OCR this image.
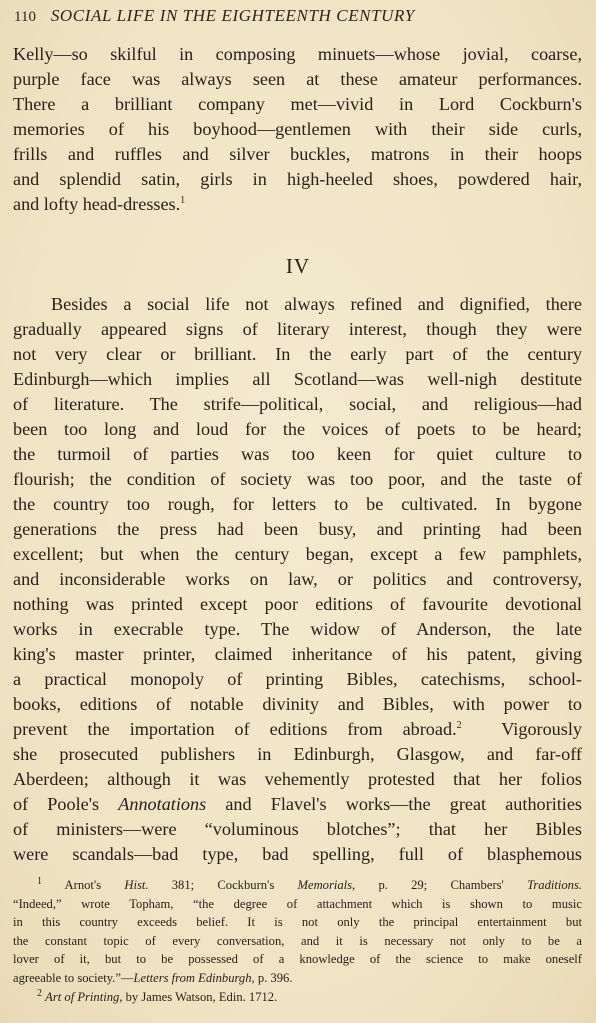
110 SOCIAL LIFE IN THE EIGHTEENTH CENTURY
Kelly—so skilful in composing minuets—whose jovial, coarse,
purple face was always seen at these amateur performances.
There a brilliant company met—vivid in Lord Cockburn's
memories of his boyhood—gentlemen with their side curls,
frills and ruffles and silver buckles, matrons in their hoops
and splendid satin, girls in high-heeled shoes, powdered hair,
and lofty head-dresses.$^1$
IV
Besides a social life not always refined and dignified, there
gradually appeared signs of literary interest, though they were
not very clear or brilliant. In the early part of the century
Edinburgh—which implies all Scotland—was well-nigh destitute
of literature. The strife—political, social, and religious—had
been too long and loud for the voices of poets to be heard;
the turmoil of parties was too keen for quiet culture to
flourish; the condition of society was too poor, and the taste of
the country too rough, for letters to be cultivated. In bygone
generations the press had been busy, and printing had been
excellent; but when the century began, except a few pamphlets,
and inconsiderable works on law, or politics and controversy,
nothing was printed except poor editions of favourite devotional
works in execrable type. The widow of Anderson, the late
king's master printer, claimed inheritance of his patent, giving
a practical monopoly of printing Bibles, catechisms, school-
books, editions of notable divinity and Bibles, with power to
prevent the importation of editions from abroad.$^2$  Vigorously
she prosecuted publishers in Edinburgh, Glasgow, and far-off
Aberdeen; although it was vehemently protested that her folios
of Poole's Annotations and Flavel's works—the great authorities
of ministers—were “voluminous blotches”; that her Bibles
were scandals—bad type, bad spelling, full of blasphemous
$^1$ Arnot's Hist. 381; Cockburn's Memorials, p. 29; Chambers' Traditions.
“Indeed,” wrote Topham, “the degree of attachment which is shown to music
in this country exceeds belief. It is not only the principal entertainment but
the constant topic of every conversation, and it is necessary not only to be a
lover of it, but to be possessed of a knowledge of the science to make oneself
agreeable to society.”—Letters from Edinburgh, p. 396.
$^2$ Art of Printing, by James Watson, Edin. 1712.
